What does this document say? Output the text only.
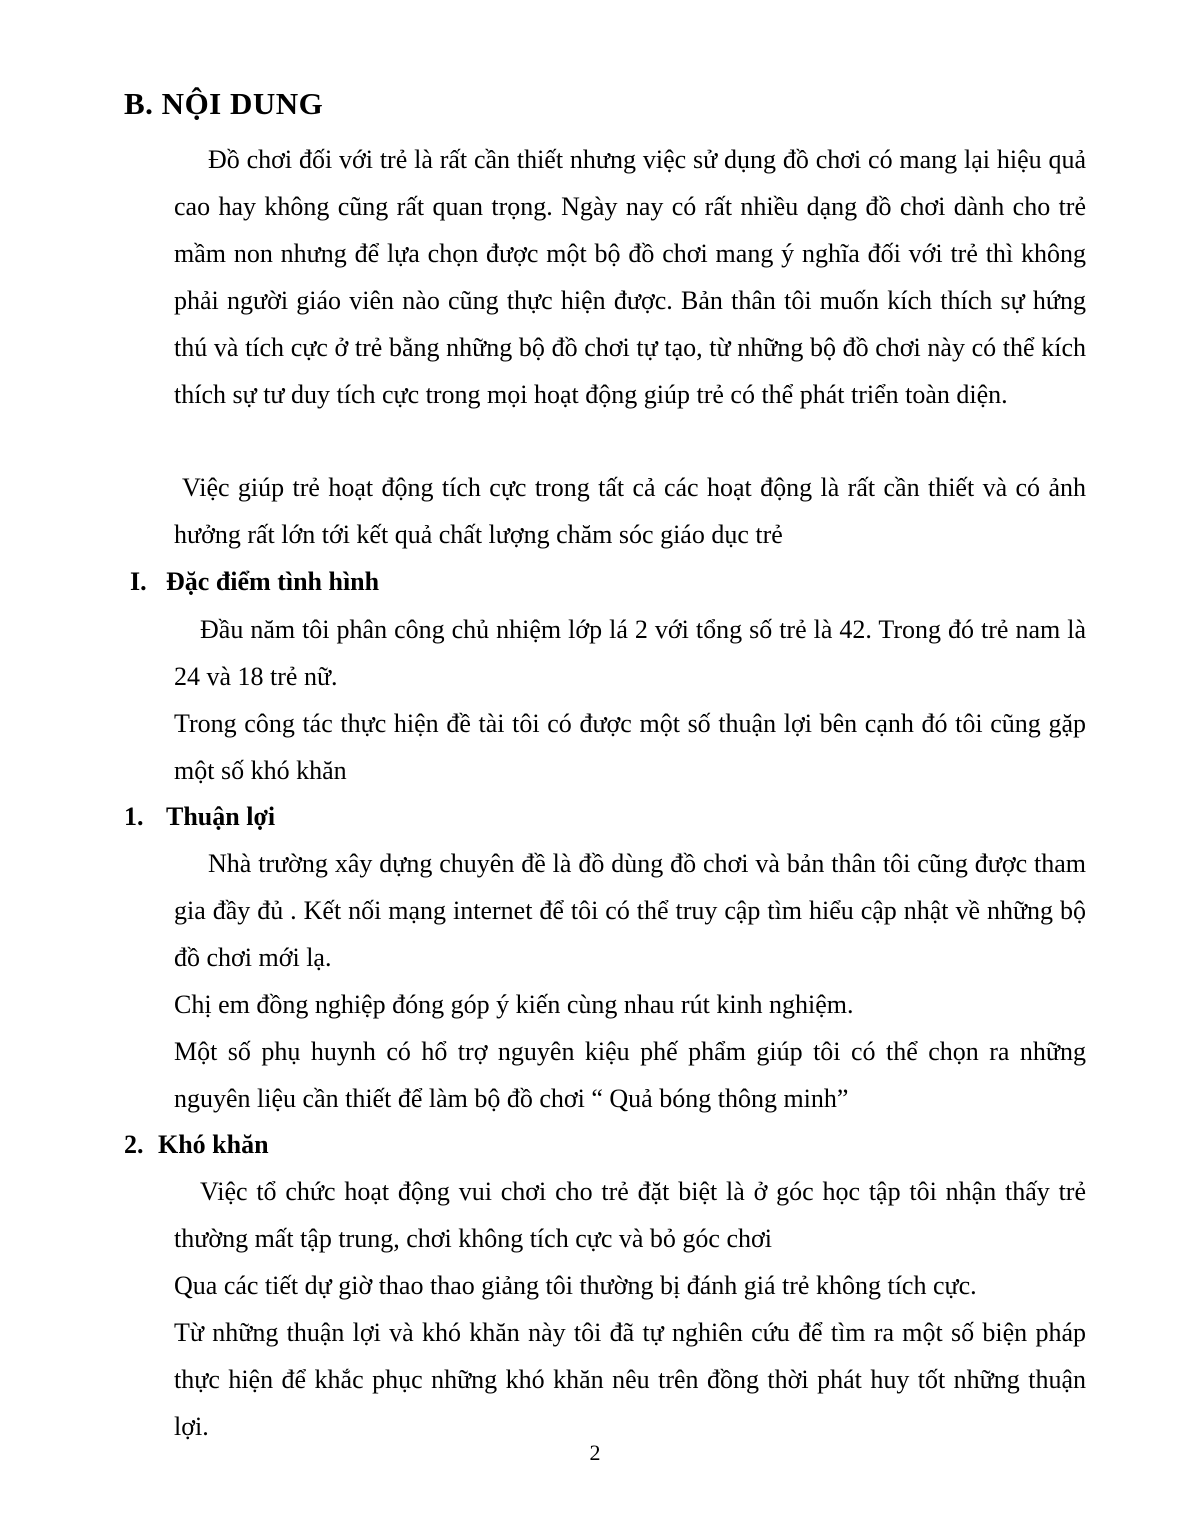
B. NỘI DUNG

Đồ chơi đối với trẻ là rất cần thiết nhưng việc sử dụng đồ chơi có mang lại hiệu quả cao hay không cũng rất quan trọng. Ngày nay có rất nhiều dạng đồ chơi dành cho trẻ mầm non nhưng để lựa chọn được một bộ đồ chơi mang ý nghĩa đối với trẻ thì không phải người giáo viên nào cũng thực hiện được. Bản thân tôi muốn kích thích sự hứng thú và tích cực ở trẻ bằng những bộ đồ chơi tự tạo, từ những bộ đồ chơi này có thể kích thích sự tư duy tích cực trong mọi hoạt động giúp trẻ có thể phát triển toàn diện.

Việc giúp trẻ hoạt động tích cực trong tất cả các hoạt động là rất cần thiết và có ảnh hưởng rất lớn tới kết quả chất lượng chăm sóc giáo dục trẻ

I. Đặc điểm tình hình

Đầu năm tôi phân công chủ nhiệm lớp lá 2 với tổng số trẻ là 42. Trong đó trẻ nam là 24 và 18 trẻ nữ.

Trong công tác thực hiện đề tài tôi có được một số thuận lợi bên cạnh đó tôi cũng gặp một số khó khăn

1. Thuận lợi

Nhà trường xây dựng chuyên đề là đồ dùng đồ chơi và bản thân tôi cũng được tham gia đầy đủ . Kết nối mạng internet để tôi có thể truy cập tìm hiểu cập nhật về những bộ đồ chơi mới lạ.

Chị em đồng nghiệp đóng góp ý kiến cùng nhau rút kinh nghiệm.

Một số phụ huynh có hổ trợ nguyên kiệu phế phẩm giúp tôi có thể chọn ra những nguyên liệu cần thiết để làm bộ đồ chơi “ Quả bóng thông minh”

2. Khó khăn

Việc tổ chức hoạt động vui chơi cho trẻ đặt biệt là ở góc học tập tôi nhận thấy trẻ thường mất tập trung, chơi không tích cực và bỏ góc chơi

Qua các tiết dự giờ thao thao giảng tôi thường bị đánh giá trẻ không tích cực.

Từ những thuận lợi và khó khăn này tôi đã tự nghiên cứu để tìm ra một số biện pháp thực hiện để khắc phục những khó khăn nêu trên đồng thời phát huy tốt những thuận lợi.

2
